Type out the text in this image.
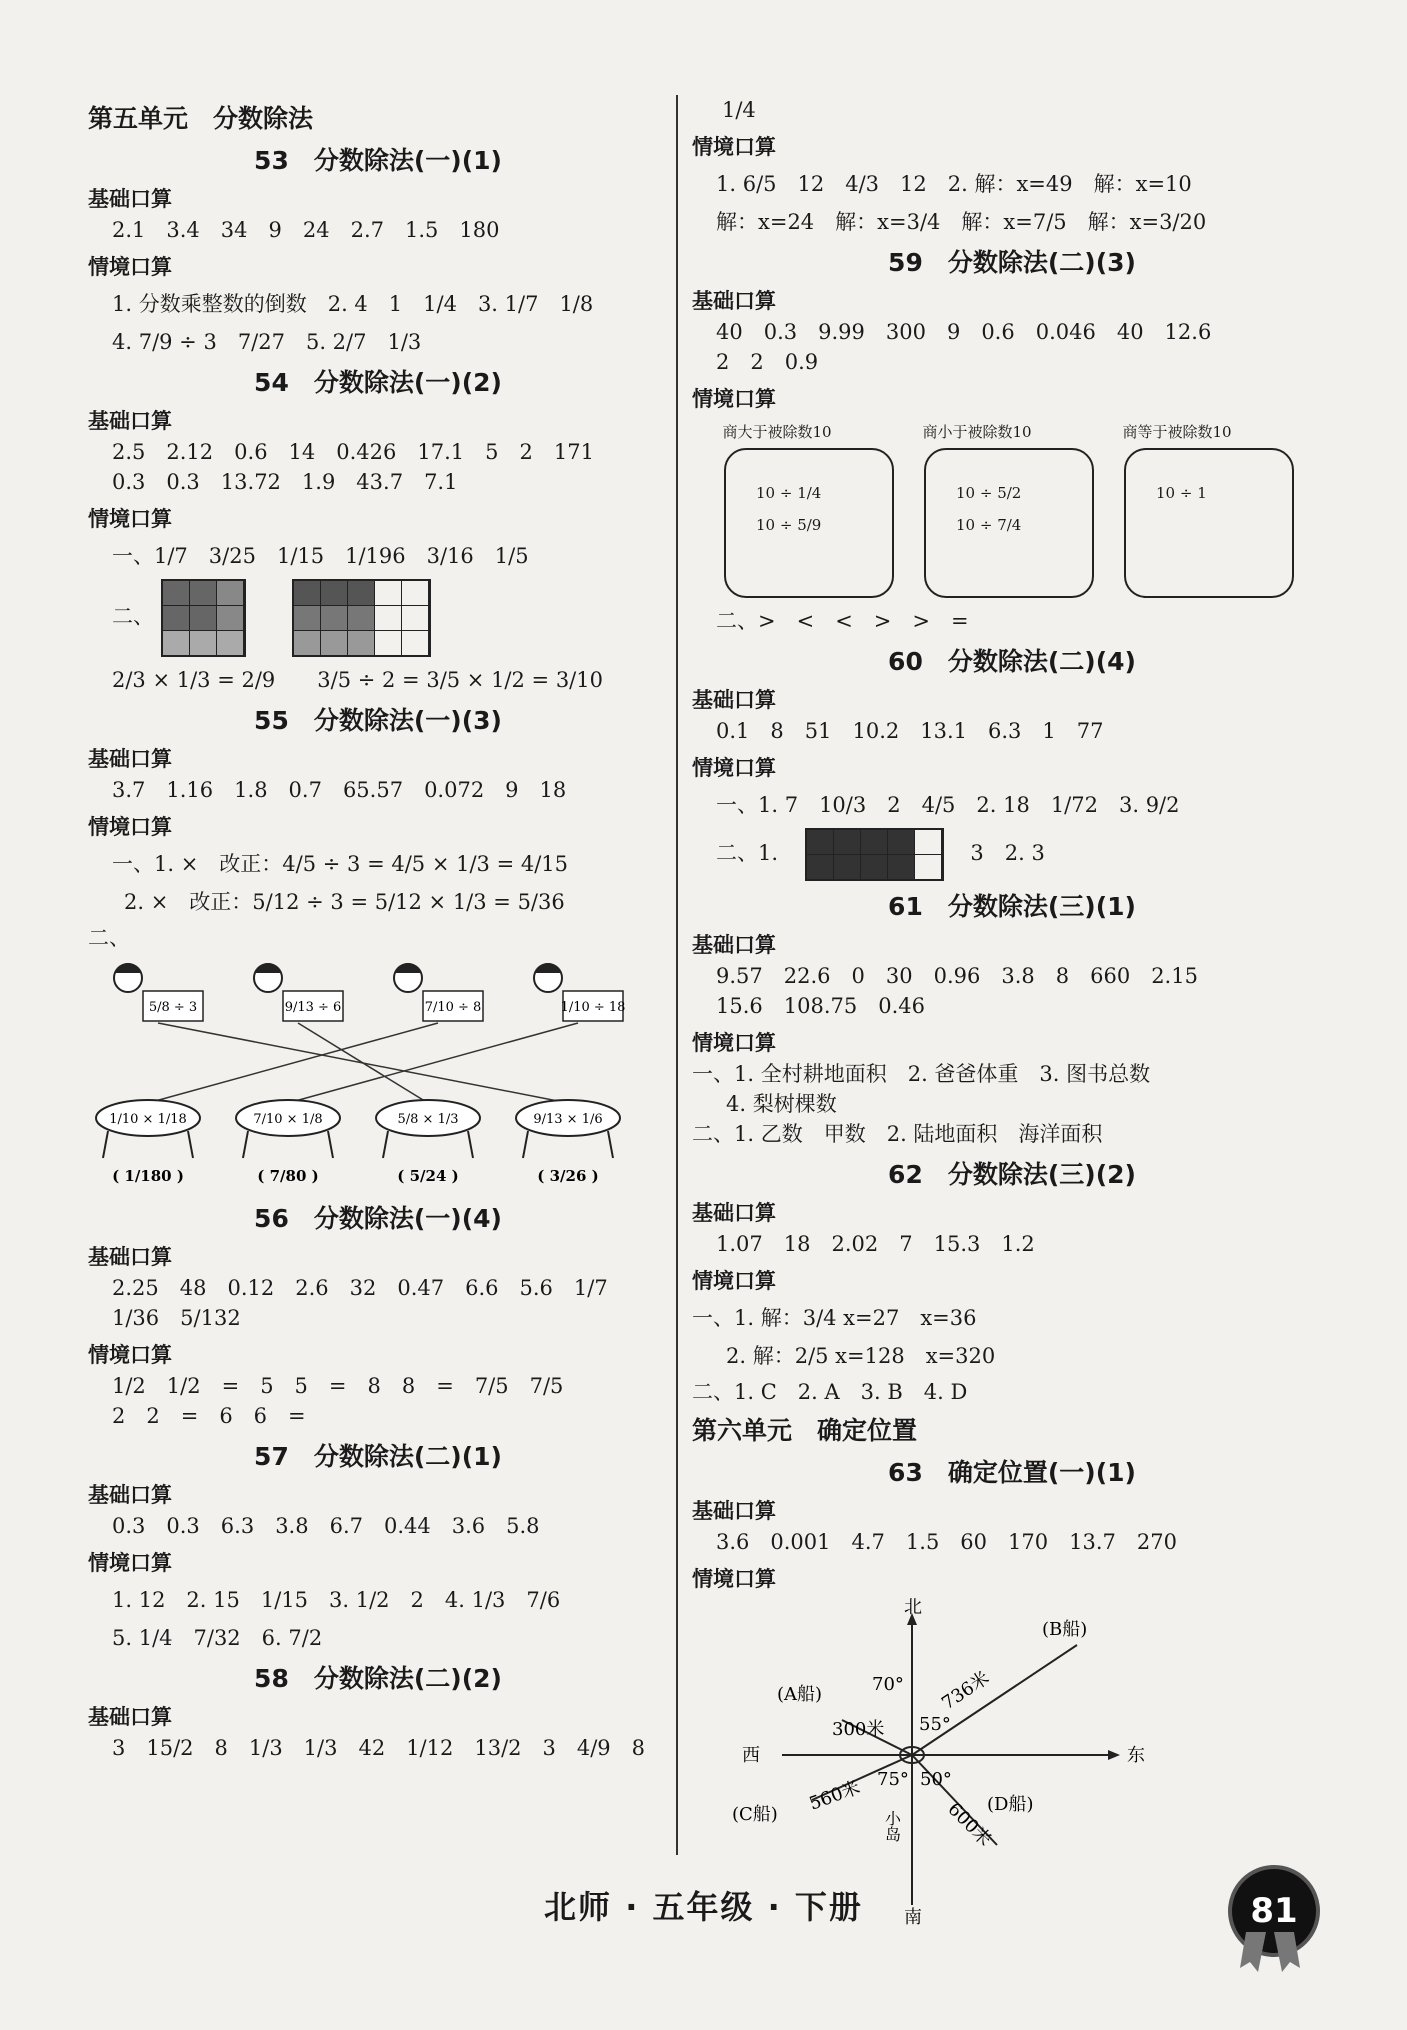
第五单元　分数除法
53　分数除法(一)(1)
基础口算
2.1　3.4　34　9　24　2.7　1.5　180
情境口算
1. 分数乘整数的倒数　2. 4　1　1/4　3. 1/7　1/8
4. 7/9 ÷ 3　7/27　5. 2/7　1/3
54　分数除法(一)(2)
基础口算
2.5　2.12　0.6　14　0.426　17.1　5　2　171
0.3　0.3　13.72　1.9　43.7　7.1
情境口算
一、1/7　3/25　1/15　1/196　3/16　1/5
二、

2/3 × 1/3 = 2/9　　3/5 ÷ 2 = 3/5 × 1/2 = 3/10
55　分数除法(一)(3)
基础口算
3.7　1.16　1.8　0.7　65.57　0.072　9　18
情境口算
一、1. ×　改正：4/5 ÷ 3 = 4/5 × 1/3 = 4/15
2. ×　改正：5/12 ÷ 3 = 5/12 × 1/3 = 5/36
二、
5/8 ÷ 3
1/10 × 1/18
( 1/180 )
9/13 ÷ 6
7/10 × 1/8
( 7/80 )
7/10 ÷ 8
5/8 × 1/3
( 5/24 )
1/10 ÷ 18
9/13 × 1/6
( 3/26 )
56　分数除法(一)(4)
基础口算
2.25　48　0.12　2.6　32　0.47　6.6　5.6　1/7
1/36　5/132
情境口算
1/2　1/2　=　5　5　=　8　8　=　7/5　7/5
2　2　=　6　6　=
57　分数除法(二)(1)
基础口算
0.3　0.3　6.3　3.8　6.7　0.44　3.6　5.8
情境口算
1. 12　2. 15　1/15　3. 1/2　2　4. 1/3　7/6
5. 1/4　7/32　6. 7/2
58　分数除法(二)(2)
基础口算
3　15/2　8　1/3　1/3　42　1/12　13/2　3　4/9　8
1/4
情境口算
1. 6/5　12　4/3　12　2. 解：x=49　解：x=10
解：x=24　解：x=3/4　解：x=7/5　解：x=3/20
59　分数除法(二)(3)
基础口算
40　0.3　9.99　300　9　0.6　0.046　40　12.6
2　2　0.9
情境口算
商大于被除数10	商小于被除数10	商等于被除数10
10 ÷ 1/4
10 ÷ 5/9
10 ÷ 5/2
10 ÷ 7/4
10 ÷ 1
二、>　<　<　>　>　=
60　分数除法(二)(4)
基础口算
0.1　8　51　10.2　13.1　6.3　1　77
情境口算
一、1. 7　10/3　2　4/5　2. 18　1/72　3. 9/2
二、1.	3　2. 3
61　分数除法(三)(1)
基础口算
9.57　22.6　0　30　0.96　3.8　8　660　2.15
15.6　108.75　0.46
情境口算
一、1. 全村耕地面积　2. 爸爸体重　3. 图书总数
4. 梨树棵数
二、1. 乙数　甲数　2. 陆地面积　海洋面积
62　分数除法(三)(2)
基础口算
1.07　18　2.02　7　15.3　1.2
情境口算
一、1. 解：3/4 x=27　x=36
2. 解：2/5 x=128　x=320
二、1. C　2. A　3. B　4. D
第六单元　确定位置
63　确定位置(一)(1)
基础口算
3.6　0.001　4.7　1.5　60　170　13.7　270
情境口算
北
南
东
西
(A船)
(B船)
(C船)	(D船)
300米
736米
560米
600米
70°
55°
75° 50°
小岛
北师 · 五年级 · 下册	81
